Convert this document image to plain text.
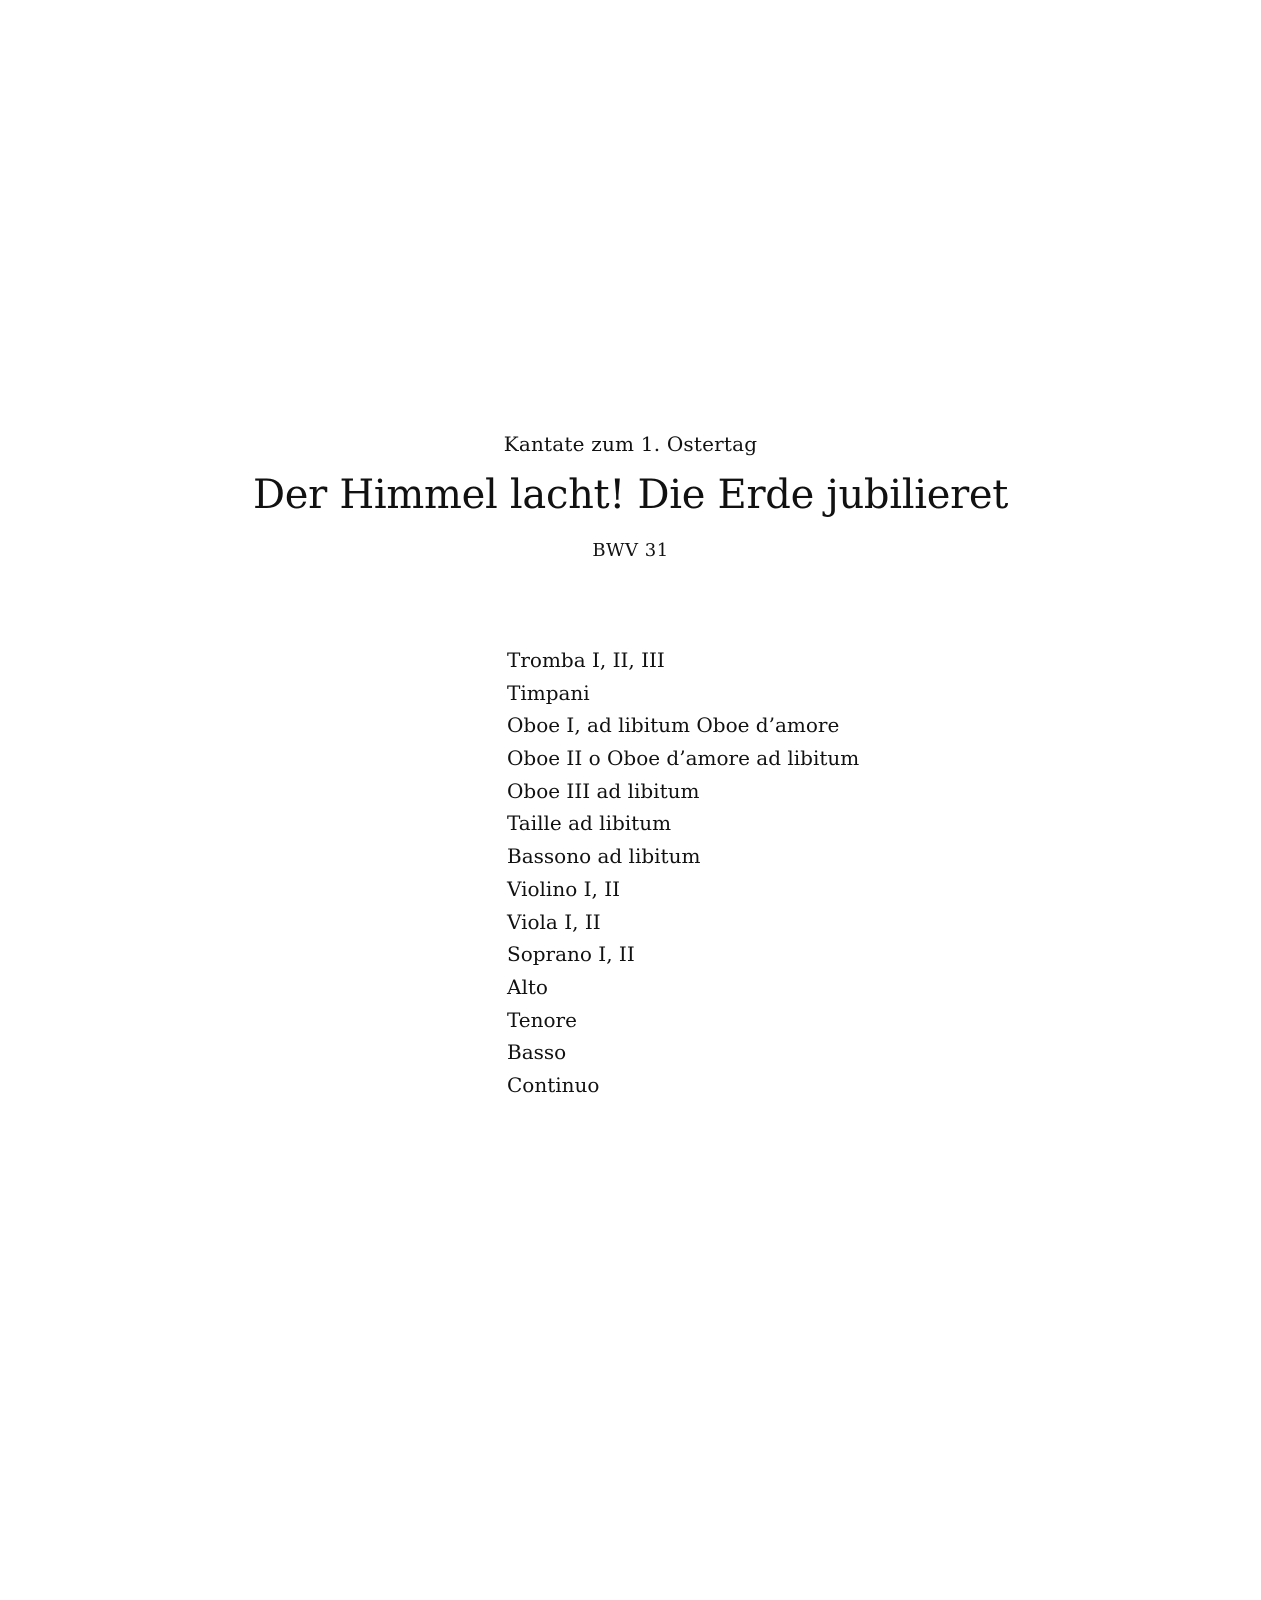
Kantate zum 1. Ostertag
Der Himmel lacht! Die Erde jubilieret
BWV 31
Tromba I, II, III
Timpani
Oboe I, ad libitum Oboe d’amore
Oboe II o Oboe d’amore ad libitum
Oboe III ad libitum
Taille ad libitum
Bassono ad libitum
Violino I, II
Viola I, II
Soprano I, II
Alto
Tenore
Basso
Continuo
